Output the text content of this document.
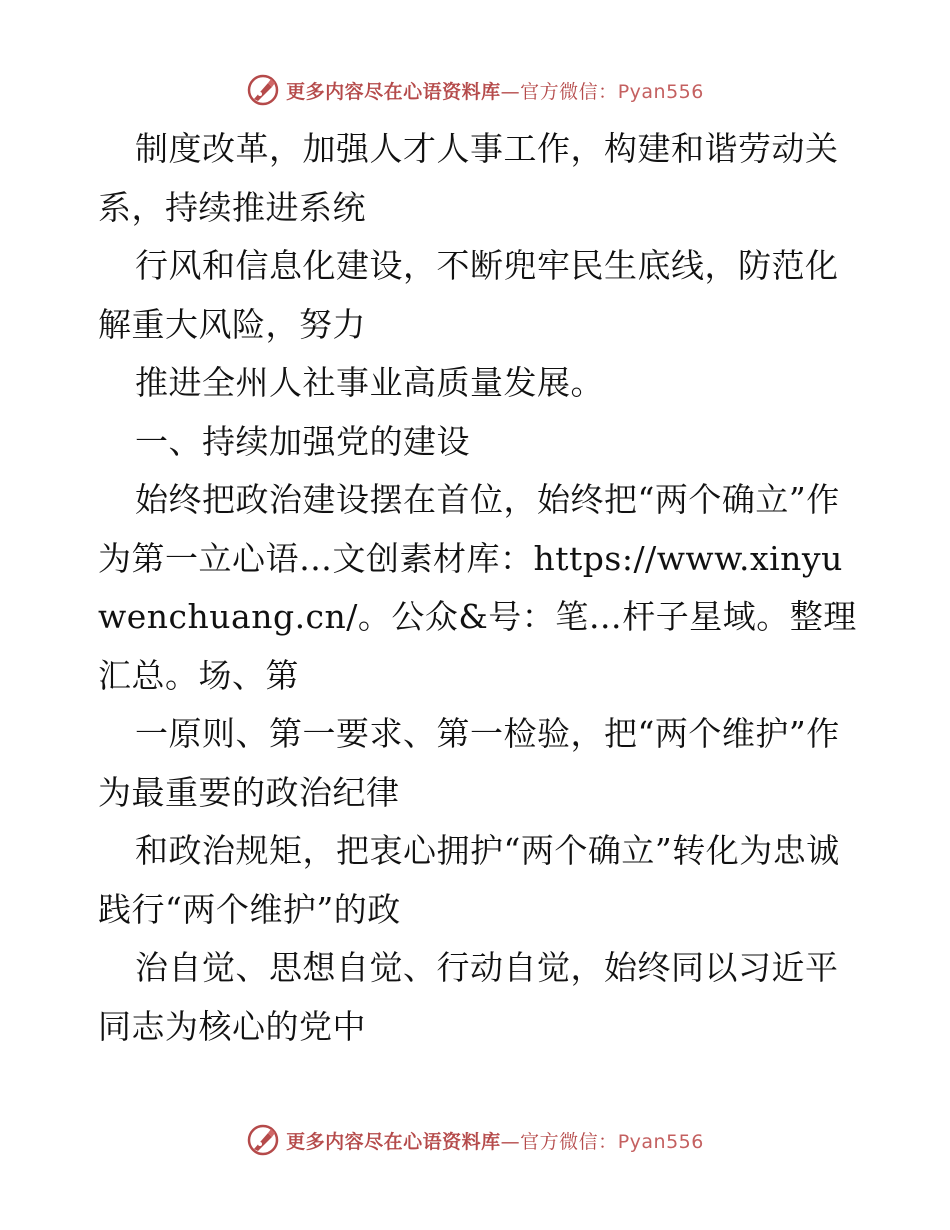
更多内容尽在心语资料库—官方微信：Pyan556

制度改革，加强人才人事工作，构建和谐劳动关系，持续推进系统

行风和信息化建设，不断兜牢民生底线，防范化解重大风险，努力

推进全州人社事业高质量发展。

一、持续加强党的建设

始终把政治建设摆在首位，始终把“两个确立”作为第一立心语…文创素材库：https://www.xinyuwenchuang.cn/。公众&号：笔…杆子星域。整理汇总。场、第

一原则、第一要求、第一检验，把“两个维护”作为最重要的政治纪律

和政治规矩，把衷心拥护“两个确立”转化为忠诚践行“两个维护”的政

治自觉、思想自觉、行动自觉，始终同以习近平同志为核心的党中

更多内容尽在心语资料库—官方微信：Pyan556
